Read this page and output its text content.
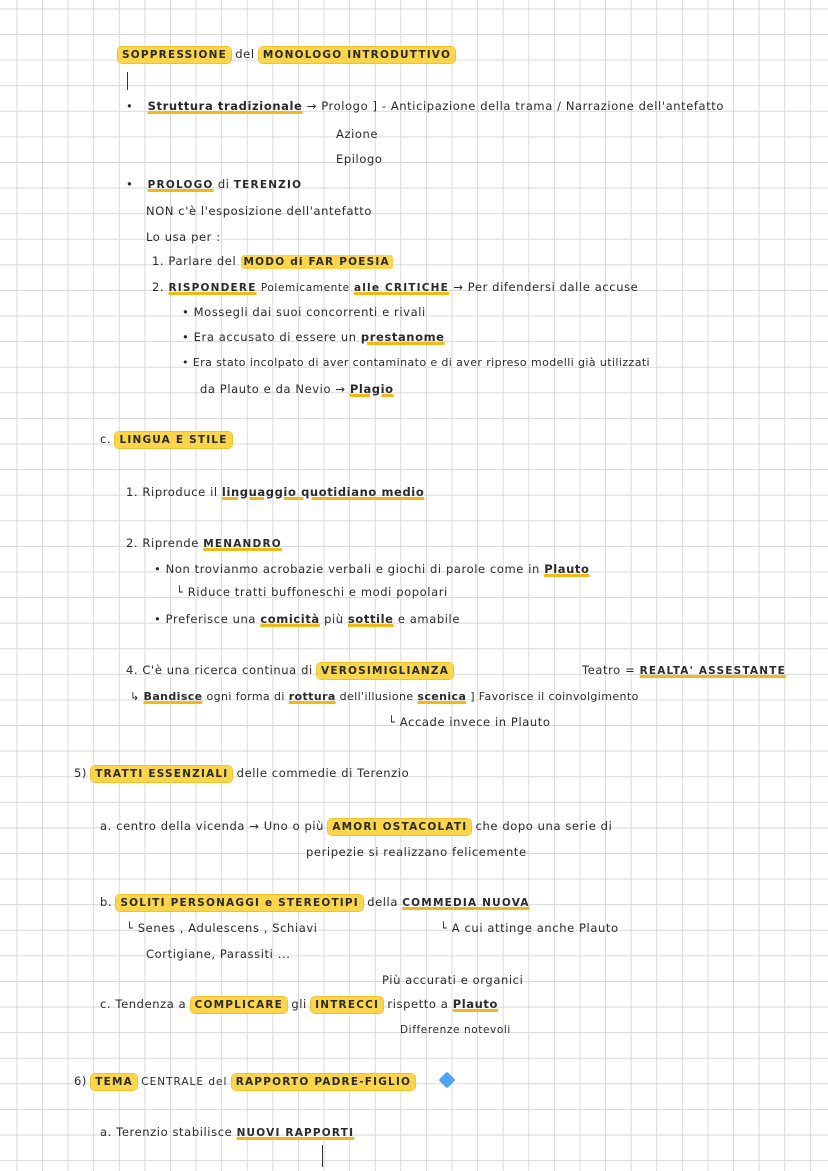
SOPPRESSIONE del MONOLOGO INTRODUTTIVO
• Struttura tradizionale → Prologo ] - Anticipazione della trama / Narrazione dell'antefatto
Azione
Epilogo
• PROLOGO di TERENZIO
NON c'è l'esposizione dell'antefatto
Lo usa per :
1. Parlare del MODO di FAR POESIA
2. RISPONDERE Polemicamente alle CRITICHE → Per difendersi dalle accuse
• Mossegli dai suoi concorrenti e rivali
• Era accusato di essere un prestanome
• Era stato incolpato di aver contaminato e di aver ripreso modelli già utilizzati
da Plauto e da Nevio → Plagio
c. LINGUA E STILE
1. Riproduce il linguaggio quotidiano medio
2. Riprende MENANDRO
• Non trovianmo acrobazie verbali e giochi di parole come in Plauto
└ Riduce tratti buffoneschi e modi popolari
• Preferisce una comicità più sottile e amabile
Teatro = REALTA' ASSESTANTE
4. C'è una ricerca continua di VEROSIMIGLIANZA
↳ Bandisce ogni forma di rottura dell'illusione scenica ] Favorisce il coinvolgimento
└ Accade invece in Plauto
5) TRATTI ESSENZIALI delle commedie di Terenzio
a. centro della vicenda → Uno o più AMORI OSTACOLATI che dopo una serie di
peripezie si realizzano felicemente
b. SOLITI PERSONAGGI e STEREOTIPI della COMMEDIA NUOVA
└ Senes , Adulescens , Schiavi	└ A cui attinge anche Plauto
Cortigiane, Parassiti ...
Più accurati e organici
c. Tendenza a COMPLICARE gli INTRECCI rispetto a Plauto
Differenze notevoli
6) TEMA CENTRALE del RAPPORTO PADRE-FIGLIO
a. Terenzio stabilisce NUOVI RAPPORTI
